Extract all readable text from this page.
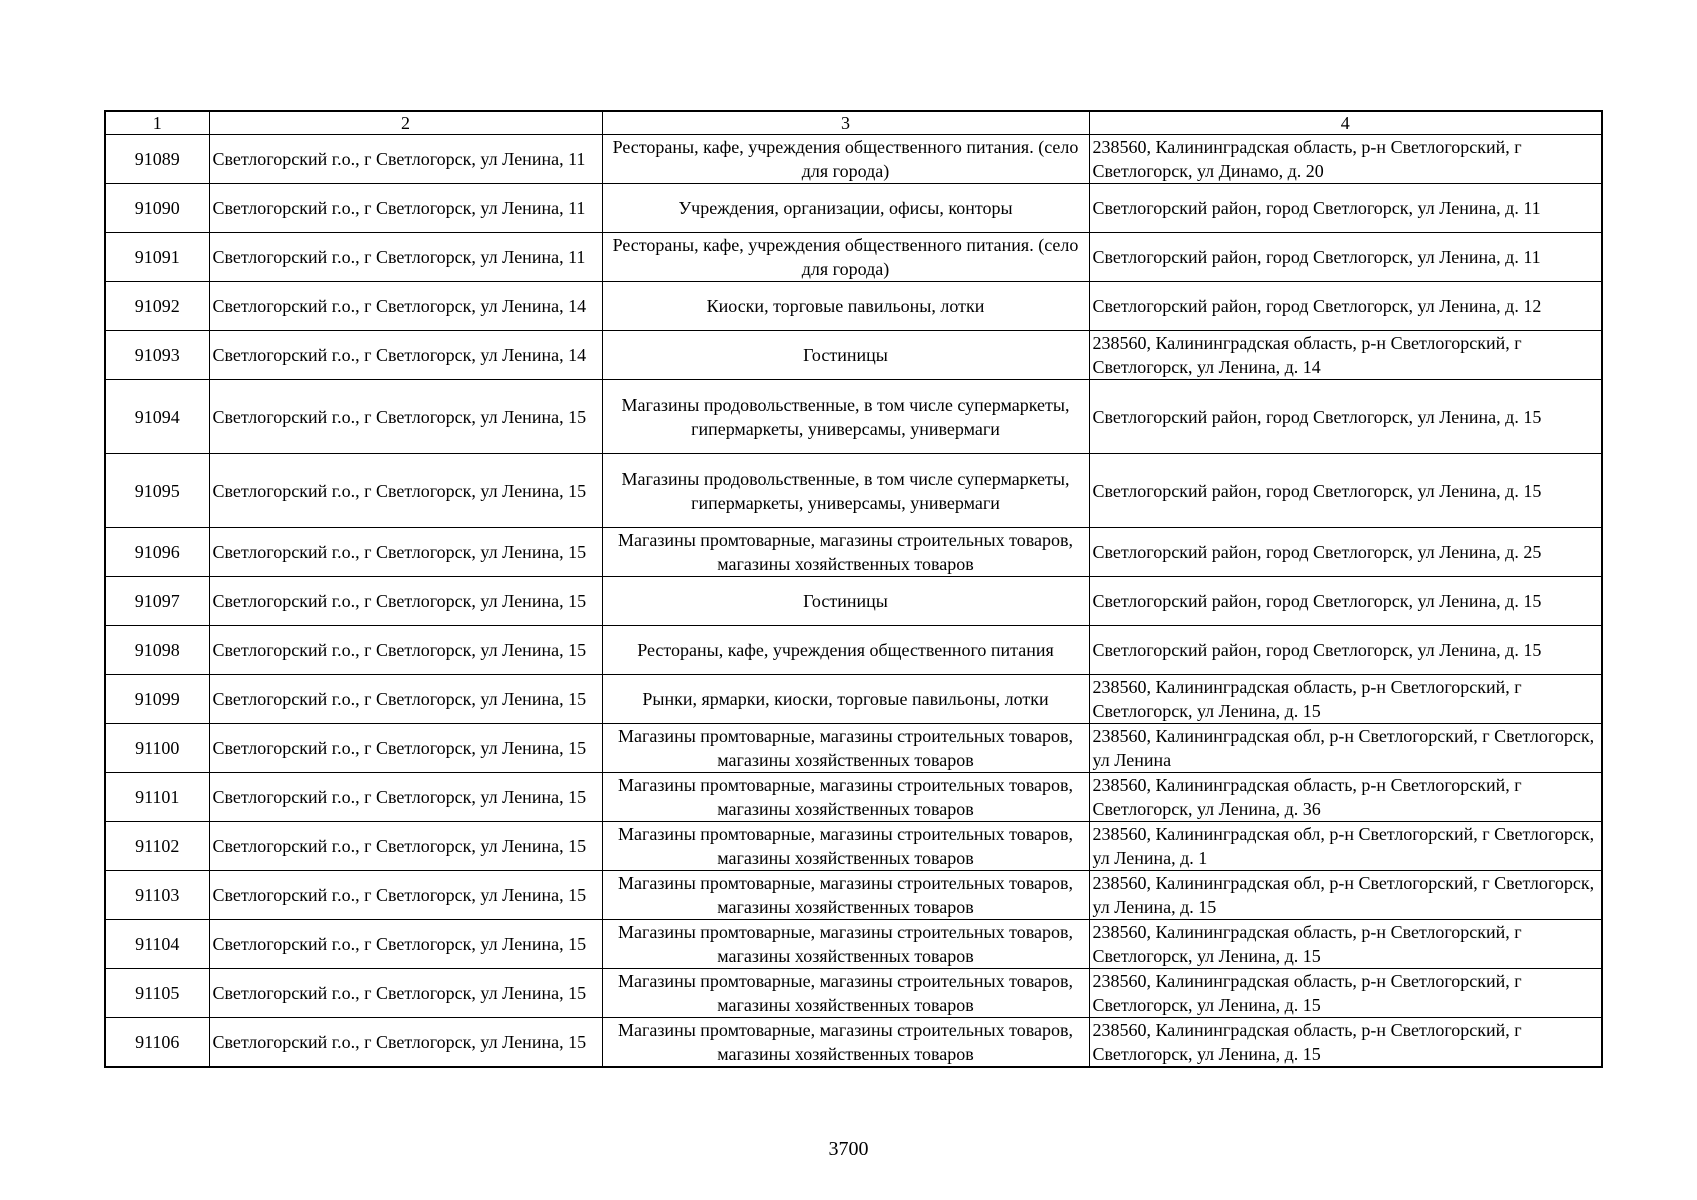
1	2	3	4
91089	Светлогорский г.о., г Светлогорск, ул Ленина, 11	Рестораны, кафе, учреждения общественного питания. (село для города)	238560, Калининградская область, р-н Светлогорский, г Светлогорск, ул Динамо, д. 20
91090	Светлогорский г.о., г Светлогорск, ул Ленина, 11	Учреждения, организации, офисы, конторы	Светлогорский район, город Светлогорск, ул Ленина, д. 11
91091	Светлогорский г.о., г Светлогорск, ул Ленина, 11	Рестораны, кафе, учреждения общественного питания. (село для города)	Светлогорский район, город Светлогорск, ул Ленина, д. 11
91092	Светлогорский г.о., г Светлогорск, ул Ленина, 14	Киоски, торговые павильоны, лотки	Светлогорский район, город Светлогорск, ул Ленина, д. 12
91093	Светлогорский г.о., г Светлогорск, ул Ленина, 14	Гостиницы	238560, Калининградская область, р-н Светлогорский, г Светлогорск, ул Ленина, д. 14
91094	Светлогорский г.о., г Светлогорск, ул Ленина, 15	Магазины продовольственные, в том числе супермаркеты, гипермаркеты, универсамы, универмаги	Светлогорский район, город Светлогорск, ул Ленина, д. 15
91095	Светлогорский г.о., г Светлогорск, ул Ленина, 15	Магазины продовольственные, в том числе супермаркеты, гипермаркеты, универсамы, универмаги	Светлогорский район, город Светлогорск, ул Ленина, д. 15
91096	Светлогорский г.о., г Светлогорск, ул Ленина, 15	Магазины промтоварные, магазины строительных товаров, магазины хозяйственных товаров	Светлогорский район, город Светлогорск, ул Ленина, д. 25
91097	Светлогорский г.о., г Светлогорск, ул Ленина, 15	Гостиницы	Светлогорский район, город Светлогорск, ул Ленина, д. 15
91098	Светлогорский г.о., г Светлогорск, ул Ленина, 15	Рестораны, кафе, учреждения общественного питания	Светлогорский район, город Светлогорск, ул Ленина, д. 15
91099	Светлогорский г.о., г Светлогорск, ул Ленина, 15	Рынки, ярмарки, киоски, торговые павильоны, лотки	238560, Калининградская область, р-н Светлогорский, г Светлогорск, ул Ленина, д. 15
91100	Светлогорский г.о., г Светлогорск, ул Ленина, 15	Магазины промтоварные, магазины строительных товаров, магазины хозяйственных товаров	238560, Калининградская обл, р-н Светлогорский, г Светлогорск, ул Ленина
91101	Светлогорский г.о., г Светлогорск, ул Ленина, 15	Магазины промтоварные, магазины строительных товаров, магазины хозяйственных товаров	238560, Калининградская область, р-н Светлогорский, г Светлогорск, ул Ленина, д. 36
91102	Светлогорский г.о., г Светлогорск, ул Ленина, 15	Магазины промтоварные, магазины строительных товаров, магазины хозяйственных товаров	238560, Калининградская обл, р-н Светлогорский, г Светлогорск, ул Ленина, д. 1
91103	Светлогорский г.о., г Светлогорск, ул Ленина, 15	Магазины промтоварные, магазины строительных товаров, магазины хозяйственных товаров	238560, Калининградская обл, р-н Светлогорский, г Светлогорск, ул Ленина, д. 15
91104	Светлогорский г.о., г Светлогорск, ул Ленина, 15	Магазины промтоварные, магазины строительных товаров, магазины хозяйственных товаров	238560, Калининградская область, р-н Светлогорский, г Светлогорск, ул Ленина, д. 15
91105	Светлогорский г.о., г Светлогорск, ул Ленина, 15	Магазины промтоварные, магазины строительных товаров, магазины хозяйственных товаров	238560, Калининградская область, р-н Светлогорский, г Светлогорск, ул Ленина, д. 15
91106	Светлогорский г.о., г Светлогорск, ул Ленина, 15	Магазины промтоварные, магазины строительных товаров, магазины хозяйственных товаров	238560, Калининградская область, р-н Светлогорский, г Светлогорск, ул Ленина, д. 15
3700
